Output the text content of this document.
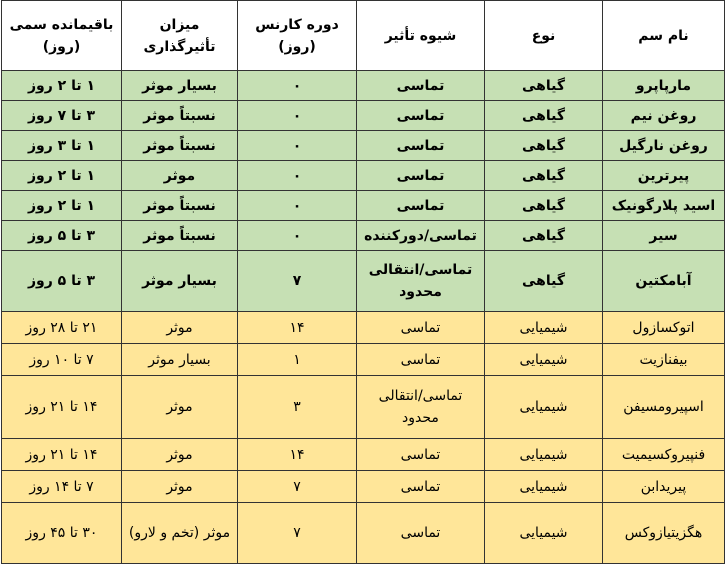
نام سم	نوع	شیوه تأثیر	دوره کارنس (روز)	میزان تأثیرگذاری	باقیمانده سمی (روز)
مارپاپرو	گیاهی	تماسی	۰	بسیار موثر	۱ تا ۲ روز
روغن نیم	گیاهی	تماسی	۰	نسبتاً موثر	۳ تا ۷ روز
روغن نارگیل	گیاهی	تماسی	۰	نسبتاً موثر	۱ تا ۳ روز
پیرترین	گیاهی	تماسی	۰	موثر	۱ تا ۲ روز
اسید پلارگونیک	گیاهی	تماسی	۰	نسبتاً موثر	۱ تا ۲ روز
سیر	گیاهی	تماسی/دورکننده	۰	نسبتاً موثر	۳ تا ۵ روز
آبامکتین	گیاهی	تماسی/انتقالی محدود	۷	بسیار موثر	۳ تا ۵ روز
اتوکسازول	شیمیایی	تماسی	۱۴	موثر	۲۱ تا ۲۸ روز
بیفنازیت	شیمیایی	تماسی	۱	بسیار موثر	۷ تا ۱۰ روز
اسپیرومسیفن	شیمیایی	تماسی/انتقالی محدود	۳	موثر	۱۴ تا ۲۱ روز
فنپیروکسیمیت	شیمیایی	تماسی	۱۴	موثر	۱۴ تا ۲۱ روز
پیریدابن	شیمیایی	تماسی	۷	موثر	۷ تا ۱۴ روز
هگزیتیازوکس	شیمیایی	تماسی	۷	موثر (تخم و لارو)	۳۰ تا ۴۵ روز
